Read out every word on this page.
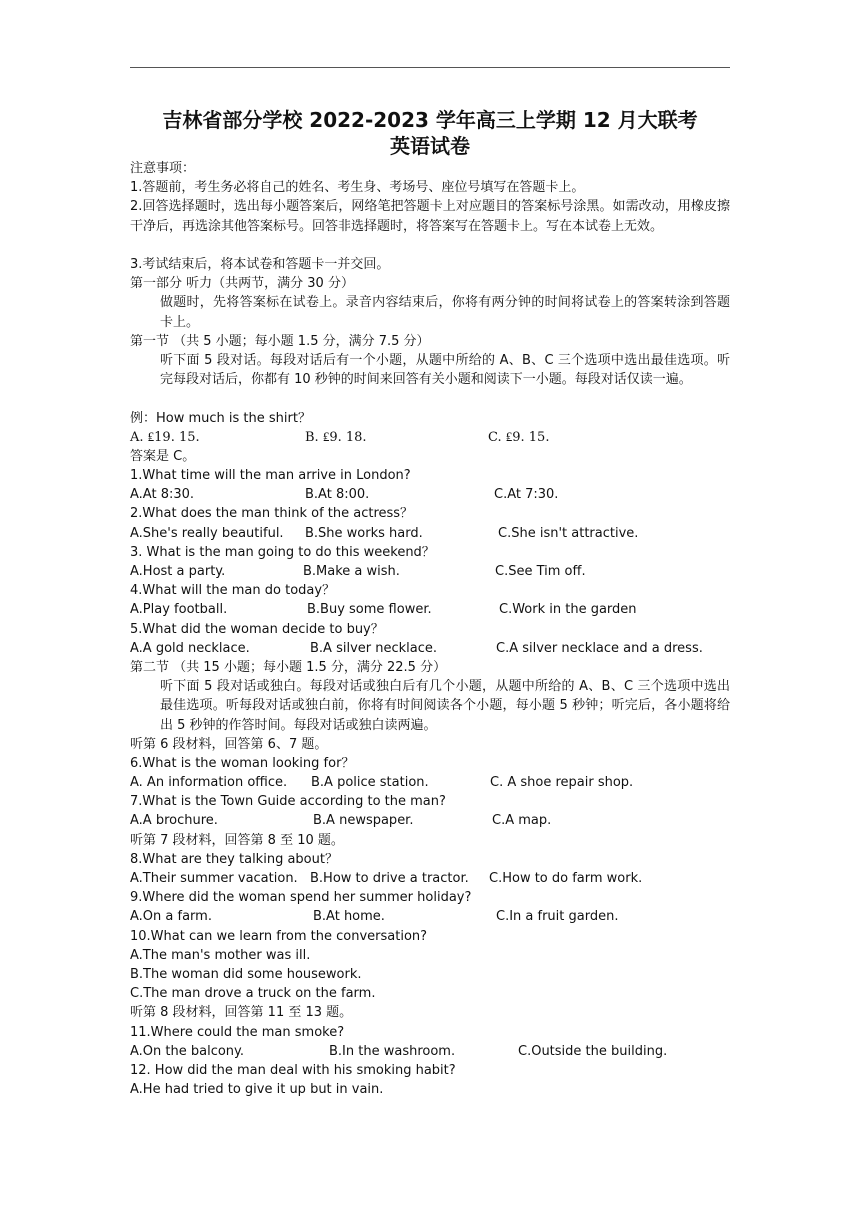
吉林省部分学校 2022-2023 学年高三上学期 12 月大联考
英语试卷
注意事项：
1.答题前，考生务必将自己的姓名、考生身、考场号、座位号填写在答题卡上。
2.回答选择题时，选出每小题答案后，网络笔把答题卡上对应题目的答案标号涂黑。如需改动，用橡皮擦干净后，再选涂其他答案标号。回答非选择题时，将答案写在答题卡上。写在本试卷上无效。
3.考试结束后，将本试卷和答题卡一并交回。
第一部分 听力（共两节，满分 30 分）
做题时，先将答案标在试卷上。录音内容结束后，你将有两分钟的时间将试卷上的答案转涂到答题卡上。
第一节 （共 5 小题；每小题 1.5 分，满分 7.5 分）
听下面 5 段对话。每段对话后有一个小题，从题中所给的 A、B、C 三个选项中选出最佳选项。听完每段对话后，你都有 10 秒钟的时间来回答有关小题和阅读下一小题。每段对话仅读一遍。
例：How much is the shirt？
A. ₤19. 15.	B. ₤9. 18.	C. ₤9. 15.
答案是 C。
1.What time will the man arrive in London?
A.At 8:30.	B.At 8:00.	C.At 7:30.
2.What does the man think of the actress？
A.She's really beautiful. B.She works hard.	C.She isn't attractive.
3. What is the man going to do this weekend？
A.Host a party.	B.Make a wish.	C.See Tim off.
4.What will the man do today？
A.Play football.	B.Buy some flower.	C.Work in the garden
5.What did the woman decide to buy？
A.A gold necklace.	B.A silver necklace.	C.A silver necklace and a dress.
第二节 （共 15 小题；每小题 1.5 分，满分 22.5 分）
听下面 5 段对话或独白。每段对话或独白后有几个小题，从题中所给的 A、B、C 三个选项中选出最佳选项。听每段对话或独白前，你将有时间阅读各个小题，每小题 5 秒钟；听完后，各小题将给出 5 秒钟的作答时间。每段对话或独白读两遍。
听第 6 段材料，回答第 6、7 题。
6.What is the woman looking for？
A. An information office. B.A police station.	C. A shoe repair shop.
7.What is the Town Guide according to the man?
A.A brochure.	B.A newspaper.	C.A map.
听第 7 段材料，回答第 8 至 10 题。
8.What are they talking about？
A.Their summer vacation. B.How to drive a tractor. C.How to do farm work.
9.Where did the woman spend her summer holiday?
A.On a farm.	B.At home.	C.In a fruit garden.
10.What can we learn from the conversation?
A.The man's mother was ill.
B.The woman did some housework.
C.The man drove a truck on the farm.
听第 8 段材料，回答第 11 至 13 题。
11.Where could the man smoke?
A.On the balcony.	B.In the washroom.	C.Outside the building.
12. How did the man deal with his smoking habit?
A.He had tried to give it up but in vain.
